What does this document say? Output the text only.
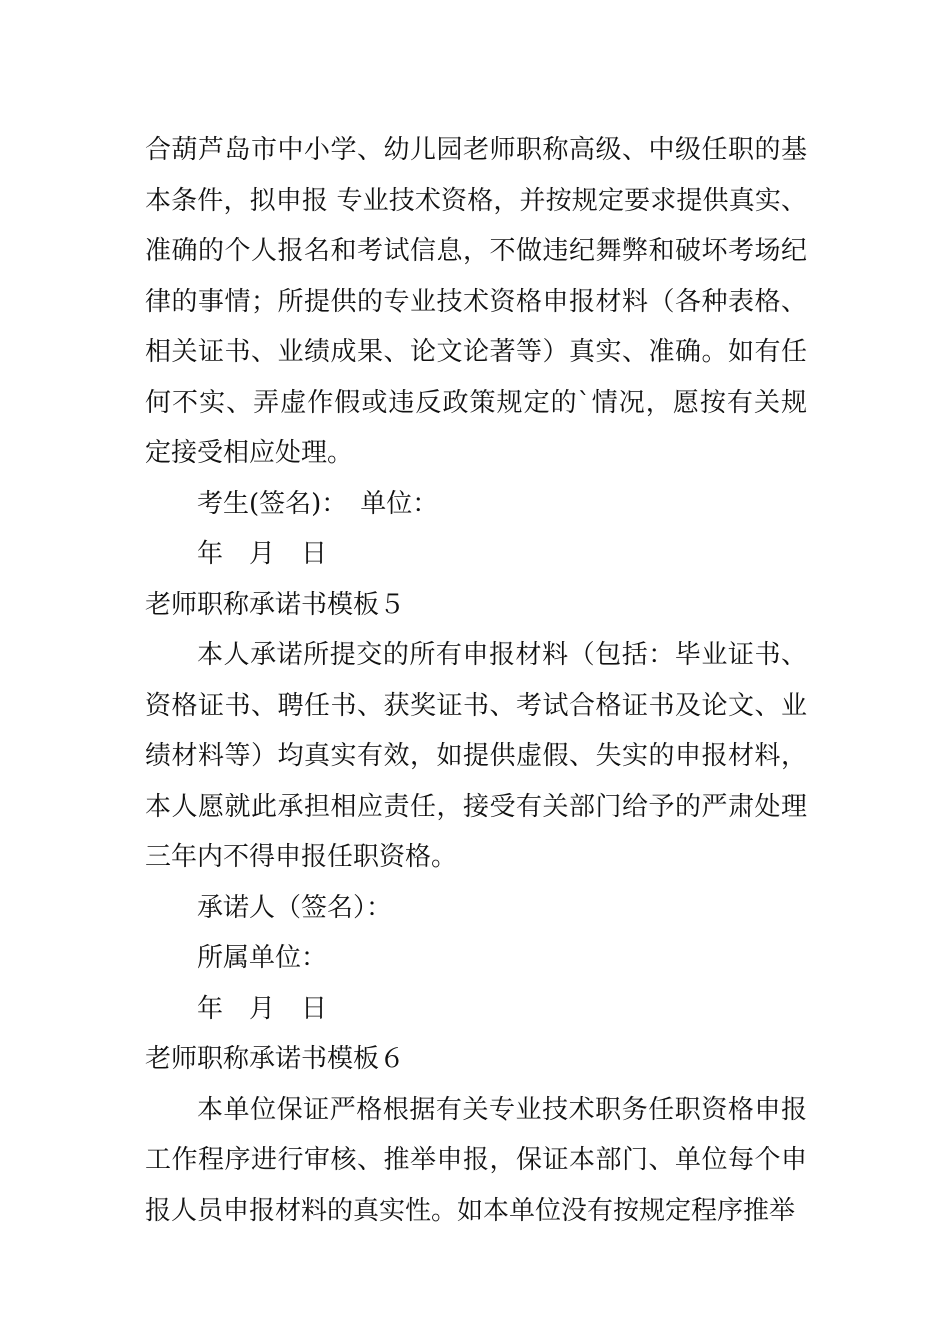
合葫芦岛市中小学、幼儿园老师职称高级、中级任职的基本条件，拟申报 专业技术资格，并按规定要求提供真实、准确的个人报名和考试信息，不做违纪舞弊和破坏考场纪律的事情；所提供的专业技术资格申报材料（各种表格、相关证书、业绩成果、论文论著等）真实、准确。如有任何不实、弄虚作假或违反政策规定的`情况，愿按有关规定接受相应处理。

考生(签名)：　单位：

年　月　日

老师职称承诺书模板５

本人承诺所提交的所有申报材料（包括：毕业证书、资格证书、聘任书、获奖证书、考试合格证书及论文、业绩材料等）均真实有效，如提供虚假、失实的申报材料，本人愿就此承担相应责任，接受有关部门给予的严肃处理三年内不得申报任职资格。

承诺人（签名）：

所属单位：

年　月　日

老师职称承诺书模板６

本单位保证严格根据有关专业技术职务任职资格申报工作程序进行审核、推举申报，保证本部门、单位每个申报人员申报材料的真实性。如本单位没有按规定程序推举
